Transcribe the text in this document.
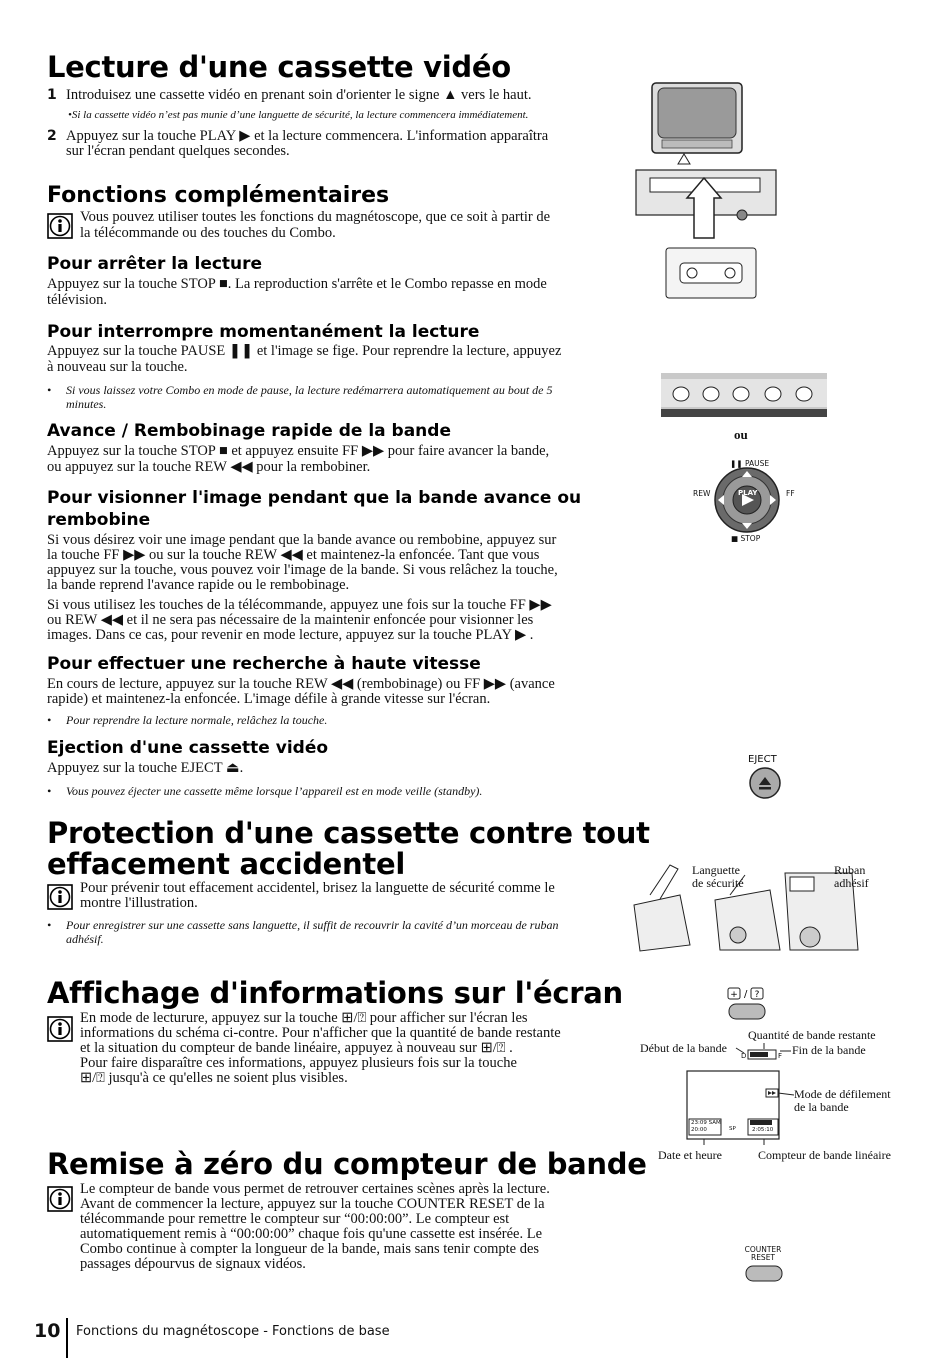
Lecture d'une cassette vidéo
1 Introduisez une cassette vidéo en prenant soin d'orienter le signe ▲ vers le haut.
•Si la cassette vidéo n’est pas munie d’une languette de sécurité, la lecture commencera immédiatement.
2 Appuyez sur la touche PLAY ▶ et la lecture commencera. L'information apparaîtra
sur l'écran pendant quelques secondes.
Fonctions complémentaires
Vous pouvez utiliser toutes les fonctions du magnétoscope, que ce soit à partir de
la télécommande ou des touches du Combo.
Pour arrêter la lecture
Appuyez sur la touche STOP ■. La reproduction s'arrête et le Combo repasse en mode
télévision.
Pour interrompre momentanément la lecture
Appuyez sur la touche PAUSE ❚❚ et l'image se fige. Pour reprendre la lecture, appuyez
à nouveau sur la touche.
• Si vous laissez votre Combo en mode de pause, la lecture redémarrera automatiquement au bout de 5
minutes.
Avance / Rembobinage rapide de la bande
Appuyez sur la touche STOP ■ et appuyez ensuite FF ▶▶ pour faire avancer la bande,
ou appuyez sur la touche REW ◀◀ pour la rembobiner.
Pour visionner l'image pendant que la bande avance ou
rembobine
Si vous désirez voir une image pendant que la bande avance ou rembobine, appuyez sur
la touche FF ▶▶ ou sur la touche REW ◀◀ et maintenez-la enfoncée. Tant que vous
appuyez sur la touche, vous pouvez voir l'image de la bande. Si vous relâchez la touche,
la bande reprend l'avance rapide ou le rembobinage.
Si vous utilisez les touches de la télécommande, appuyez une fois sur la touche FF ▶▶
ou REW ◀◀ et il ne sera pas nécessaire de la maintenir enfoncée pour visionner les
images. Dans ce cas, pour revenir en mode lecture, appuyez sur la touche PLAY ▶ .
Pour effectuer une recherche à haute vitesse
En cours de lecture, appuyez sur la touche REW ◀◀ (rembobinage) ou FF ▶▶ (avance
rapide) et maintenez-la enfoncée. L'image défile à grande vitesse sur l'écran.
• Pour reprendre la lecture normale, relâchez la touche.
Ejection d'une cassette vidéo
Appuyez sur la touche EJECT ⏏.
• Vous pouvez éjecter une cassette même lorsque l’appareil est en mode veille (standby).
Protection d'une cassette contre tout
effacement accidentel
Pour prévenir tout effacement accidentel, brisez la languette de sécurité comme le
montre l'illustration.
• Pour enregistrer sur une cassette sans languette, il suffit de recouvrir la cavité d’un morceau de ruban
adhésif.
Affichage d'informations sur l'écran
En mode de lecturure, appuyez sur la touche ⊞/⍰ pour afficher sur l'écran les
informations du schéma ci-contre. Pour n'afficher que la quantité de bande restante
et la situation du compteur de bande linéaire, appuyez à nouveau sur ⊞/⍰ .
Pour faire disparaître ces informations, appuyez plusieurs fois sur la touche
⊞/⍰ jusqu'à ce qu'elles ne soient plus visibles.
Remise à zéro du compteur de bande
Le compteur de bande vous permet de retrouver certaines scènes après la lecture.
Avant de commencer la lecture, appuyez sur la touche COUNTER RESET de la
télécommande pour remettre le compteur sur “00:00:00”. Le compteur est
automatiquement remis à “00:00:00” chaque fois qu'une cassette est insérée. Le
Combo continue à compter la longueur de la bande, mais sans tenir compte des
passages dépourvus de signaux vidéos.
ou
❚❚ PAUSE
REW	FF
■ STOP
PLAY
EJECT
Languette
de sécurité
Ruban
adhésif
+ / ?
Quantité de bande restante
Début de la bande	Fin de la bande
Mode de défilement
de la bande
Date et heure	Compteur de bande linéaire
D	F
23:09 SAM
20:00	SP	2:05:10
COUNTER
RESET
10 Fonctions du magnétoscope - Fonctions de base
